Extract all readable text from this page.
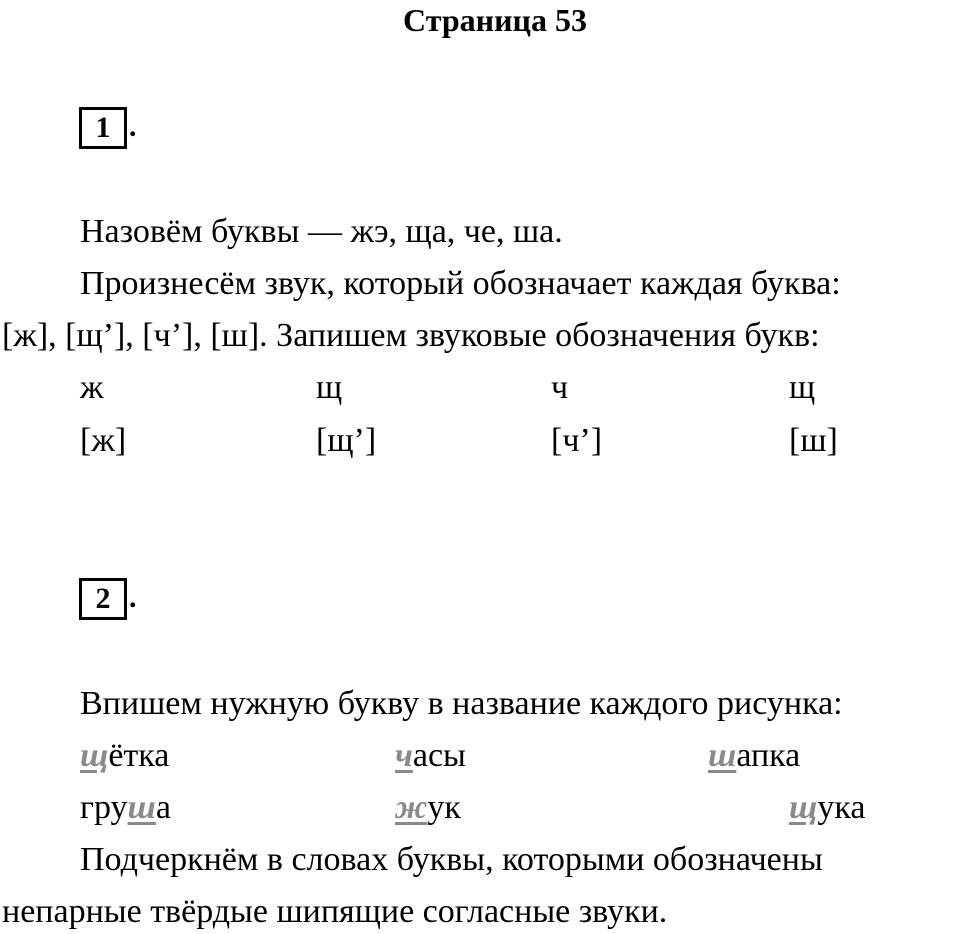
Страница 53
1 .
Назовём буквы — жэ, ща, че, ша.
Произнесём звук, который обозначает каждая буква:
[ж], [щ’], [ч’], [ш]. Запишем звуковые обозначения букв:
ж	щ	ч	щ
[ж]	[щ’]	[ч’]	[ш]
2 .
Впишем нужную букву в название каждого рисунка:
щётка	часы	шапка
груша	жук	щука
Подчеркнём в словах буквы, которыми обозначены
непарные твёрдые шипящие согласные звуки.
